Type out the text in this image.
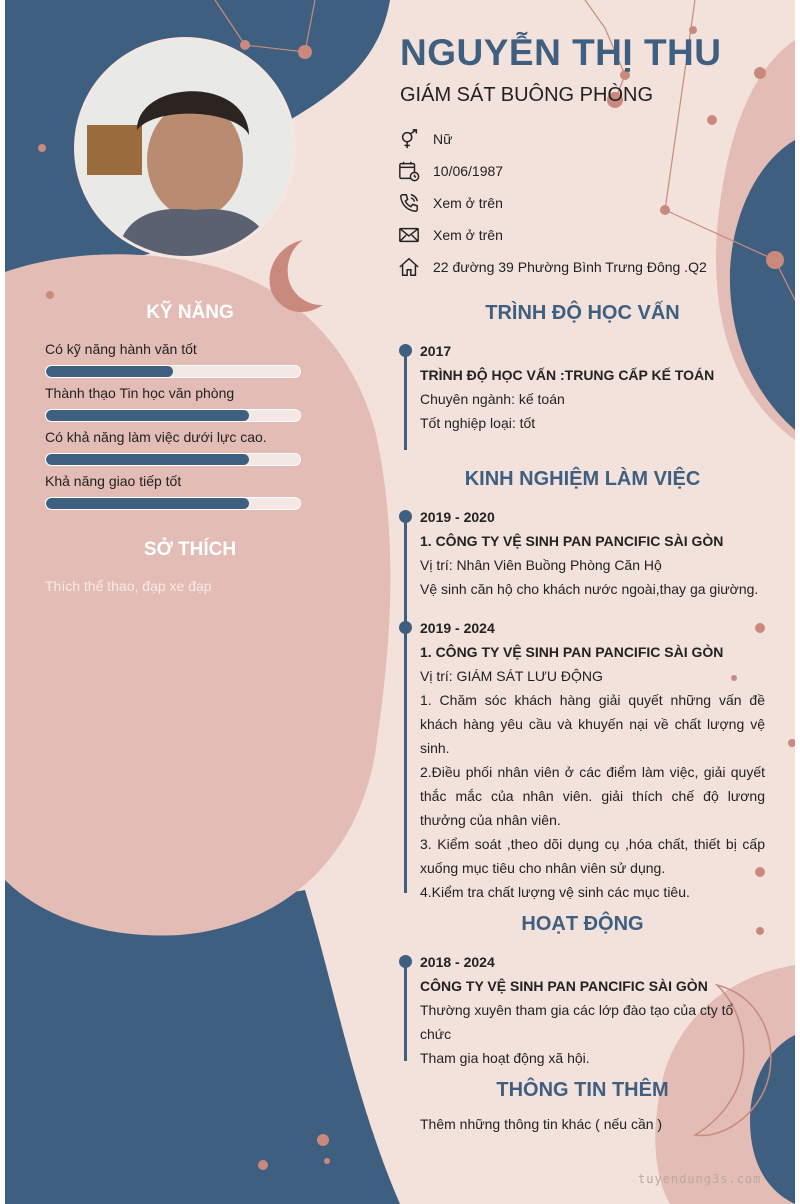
NGUYỄN THỊ THU
GIÁM SÁT BUÔNG PHÒNG
Nữ
10/06/1987
Xem ở trên
Xem ở trên
22 đường 39 Phường Bình Trưng Đông .Q2
KỸ NĂNG
Có kỹ năng hành văn tốt
Thành thạo Tin học văn phòng
Có khả năng làm việc dưới lực cao.
Khả năng giao tiếp tốt
SỞ THÍCH
Thích thể thao, đạp xe đạp
TRÌNH ĐỘ HỌC VẤN
2017
TRÌNH ĐỘ HỌC VẤN :TRUNG CẤP KẾ TOÁN
Chuyên ngành: kế toán
Tốt nghiệp loại: tốt
KINH NGHIỆM LÀM VIỆC
2019 - 2020
1. CÔNG TY VỆ SINH PAN PANCIFIC SÀI GÒN
Vị trí: Nhân Viên Buồng Phòng Căn Hộ
Vệ sinh căn hộ cho khách nước ngoài,thay ga giường.
2019 - 2024
1. CÔNG TY VỆ SINH PAN PANCIFIC SÀI GÒN
Vị trí: GIÁM SÁT LƯU ĐỘNG
1. Chăm sóc khách hàng giải quyết những vấn đề khách hàng yêu cầu và khuyến nại về chất lượng vệ sinh.
2.Điều phối nhân viên ở các điểm làm việc, giải quyết thắc mắc của nhân viên. giải thích chế độ lương thưởng của nhân viên.
3. Kiểm soát ,theo dõi dụng cụ ,hóa chất, thiết bị cấp xuống mục tiêu cho nhân viên sử dụng.
4.Kiểm tra chất lượng vệ sinh các mục tiêu.
HOẠT ĐỘNG
2018 - 2024
CÔNG TY VỆ SINH PAN PANCIFIC SÀI GÒN
Thường xuyên tham gia các lớp đào tạo của cty tổ chức
Tham gia hoạt động xã hội.
THÔNG TIN THÊM
Thêm những thông tin khác ( nếu cần )
tuyendung3s.com
